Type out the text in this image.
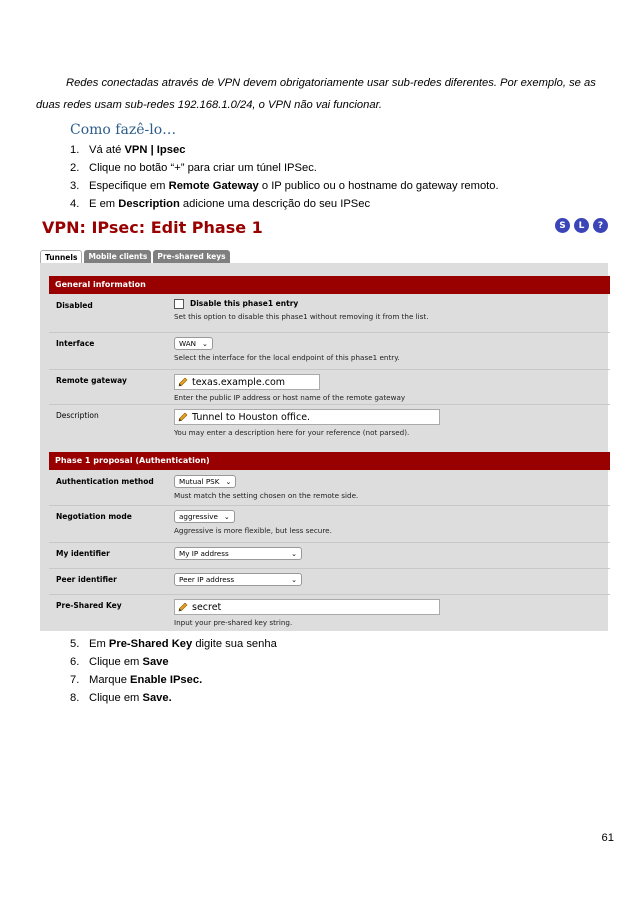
Redes conectadas através de VPN devem obrigatoriamente usar sub-redes diferentes. Por exemplo, se as duas redes usam sub-redes 192.168.1.0/24, o VPN não vai funcionar.

Como fazê-lo…

1. Vá até VPN | Ipsec
2. Clique no botão “+” para criar um túnel IPSec.
3. Especifique em Remote Gateway o IP publico ou o hostname do gateway remoto.
4. E em Description adicione uma descrição do seu IPSec
VPN: IPsec: Edit Phase 1	S	L	?
Tunnels	Mobile clients	Pre-shared keys
General information
Disabled	Disable this phase1 entry
Set this option to disable this phase1 without removing it from the list.
Interface	WAN ⌄
Select the interface for the local endpoint of this phase1 entry.
Remote gateway	texas.example.com
Enter the public IP address or host name of the remote gateway
Description	Tunnel to Houston office.
You may enter a description here for your reference (not parsed).
Phase 1 proposal (Authentication)
Authentication method	Mutual PSK ⌄
Must match the setting chosen on the remote side.
Negotiation mode	aggressive ⌄
Aggressive is more flexible, but less secure.
My identifier	My IP address	⌄
Peer identifier	Peer IP address	⌄
Pre-Shared Key	secret
Input your pre-shared key string.
5. Em Pre-Shared Key digite sua senha
6. Clique em Save
7. Marque Enable IPsec.
8. Clique em Save.
61
